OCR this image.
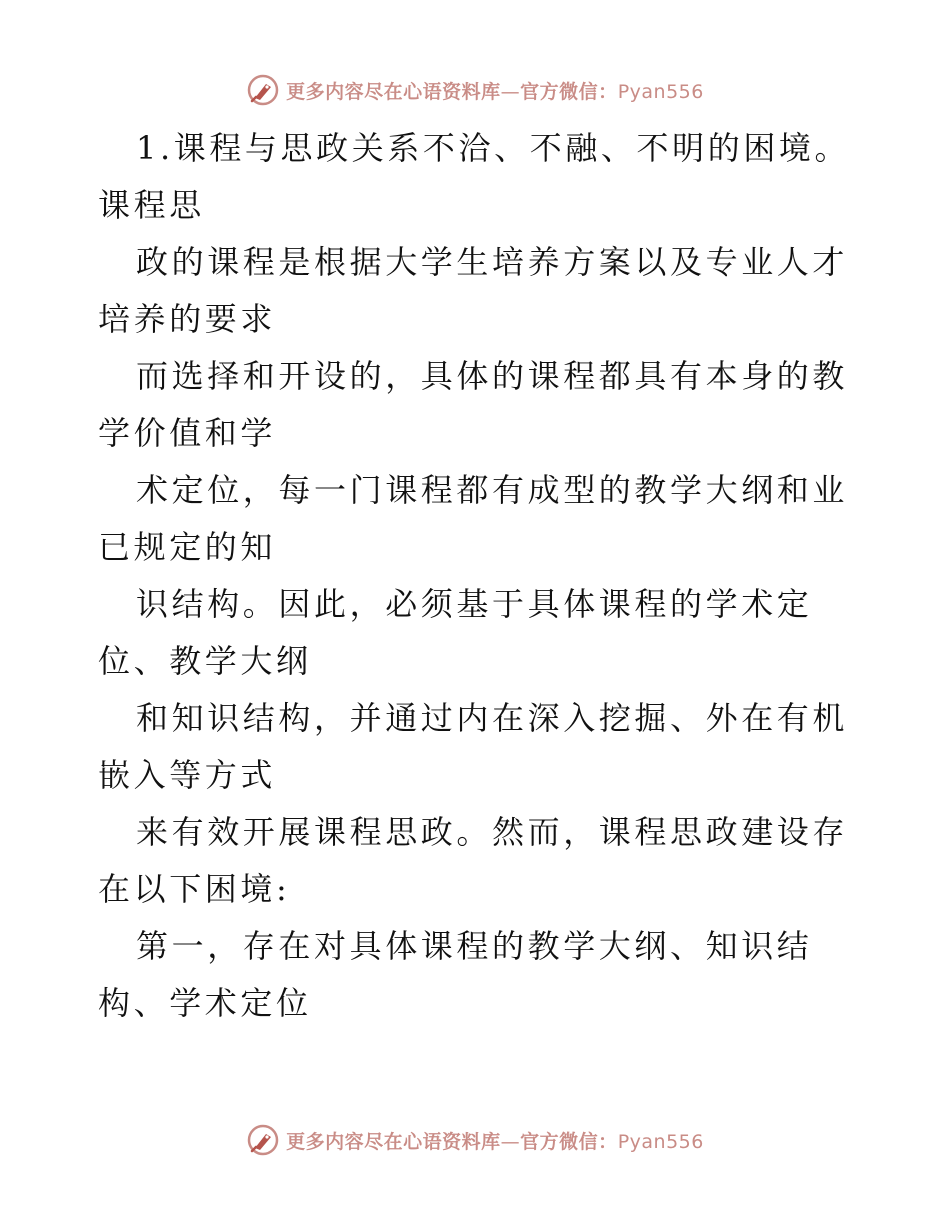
更多内容尽在心语资料库—官方微信：Pyan556

1.课程与思政关系不洽、不融、不明的困境。课程思

政的课程是根据大学生培养方案以及专业人才培养的要求

而选择和开设的，具体的课程都具有本身的教学价值和学

术定位，每一门课程都有成型的教学大纲和业已规定的知

识结构。因此，必须基于具体课程的学术定位、教学大纲

和知识结构，并通过内在深入挖掘、外在有机嵌入等方式

来有效开展课程思政。然而，课程思政建设存在以下困境:

第一，存在对具体课程的教学大纲、知识结构、学术定位

更多内容尽在心语资料库—官方微信：Pyan556
